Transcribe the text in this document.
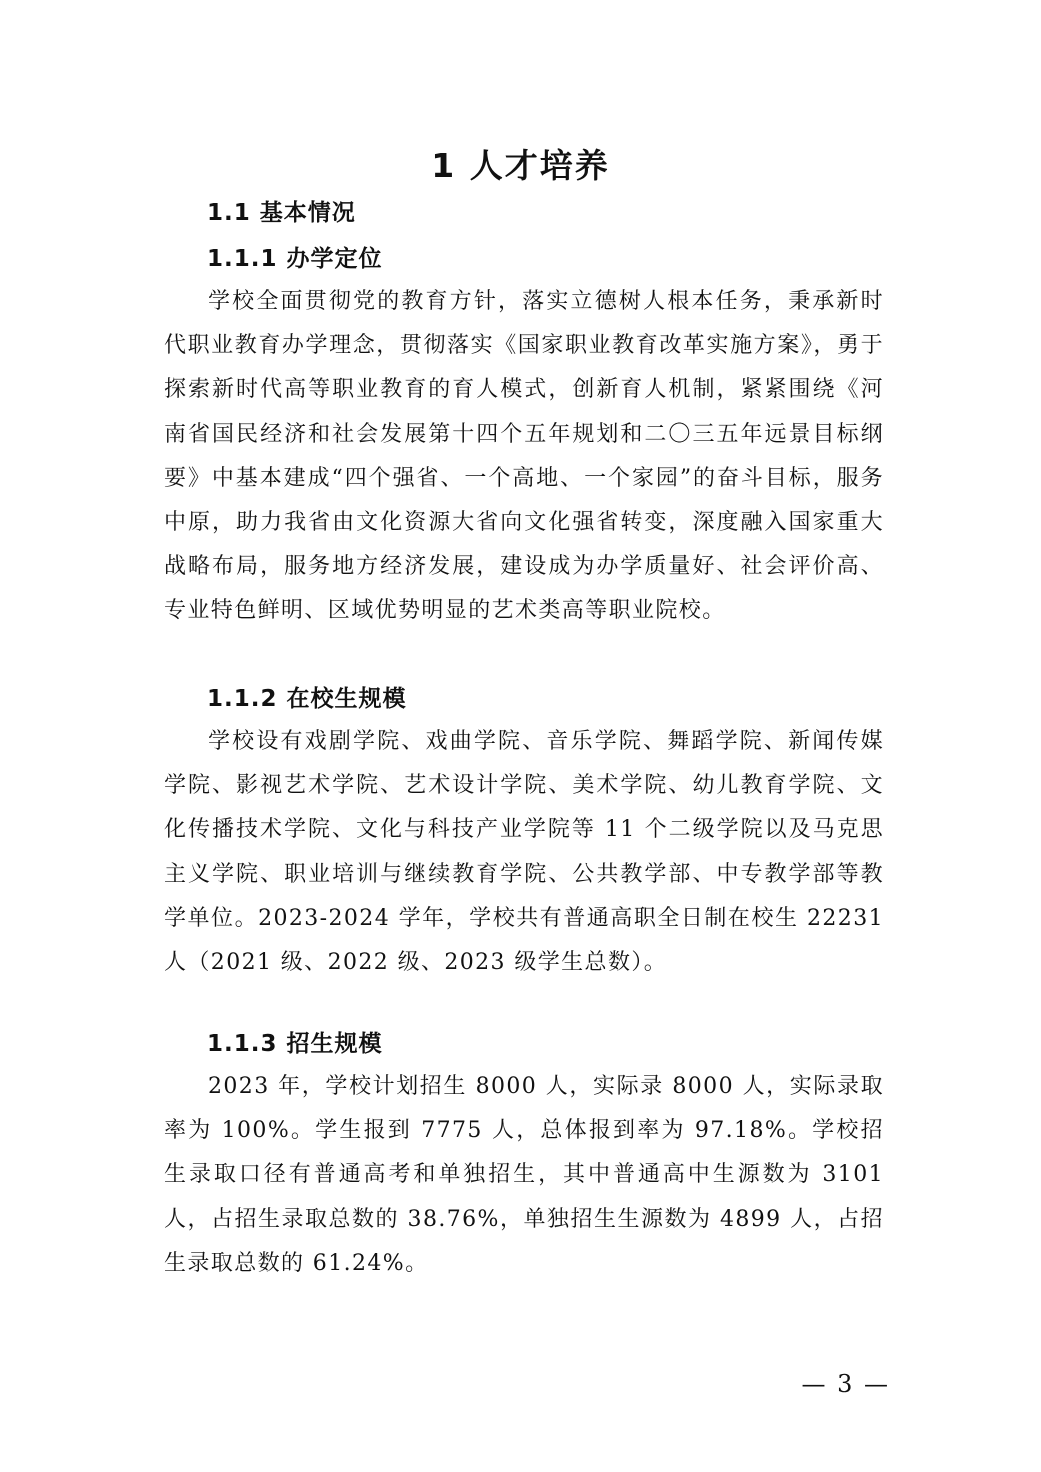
1 人才培养
1.1 基本情况
1.1.1 办学定位
学校全面贯彻党的教育方针，落实立德树人根本任务，秉承新时代职业教育办学理念，贯彻落实《国家职业教育改革实施方案》，勇于探索新时代高等职业教育的育人模式，创新育人机制，紧紧围绕《河南省国民经济和社会发展第十四个五年规划和二〇三五年远景目标纲要》中基本建成“四个强省、一个高地、一个家园”的奋斗目标，服务中原，助力我省由文化资源大省向文化强省转变，深度融入国家重大战略布局，服务地方经济发展，建设成为办学质量好、社会评价高、专业特色鲜明、区域优势明显的艺术类高等职业院校。
1.1.2 在校生规模
学校设有戏剧学院、戏曲学院、音乐学院、舞蹈学院、新闻传媒学院、影视艺术学院、艺术设计学院、美术学院、幼儿教育学院、文化传播技术学院、文化与科技产业学院等 11 个二级学院以及马克思主义学院、职业培训与继续教育学院、公共教学部、中专教学部等教学单位。2023-2024 学年，学校共有普通高职全日制在校生 22231 人（2021 级、2022 级、2023 级学生总数）。
1.1.3 招生规模
2023 年，学校计划招生 8000 人，实际录 8000 人，实际录取率为 100%。学生报到 7775 人，总体报到率为 97.18%。学校招生录取口径有普通高考和单独招生，其中普通高中生源数为 3101 人，占招生录取总数的 38.76%，单独招生生源数为 4899 人，占招生录取总数的 61.24%。
— 3 —
